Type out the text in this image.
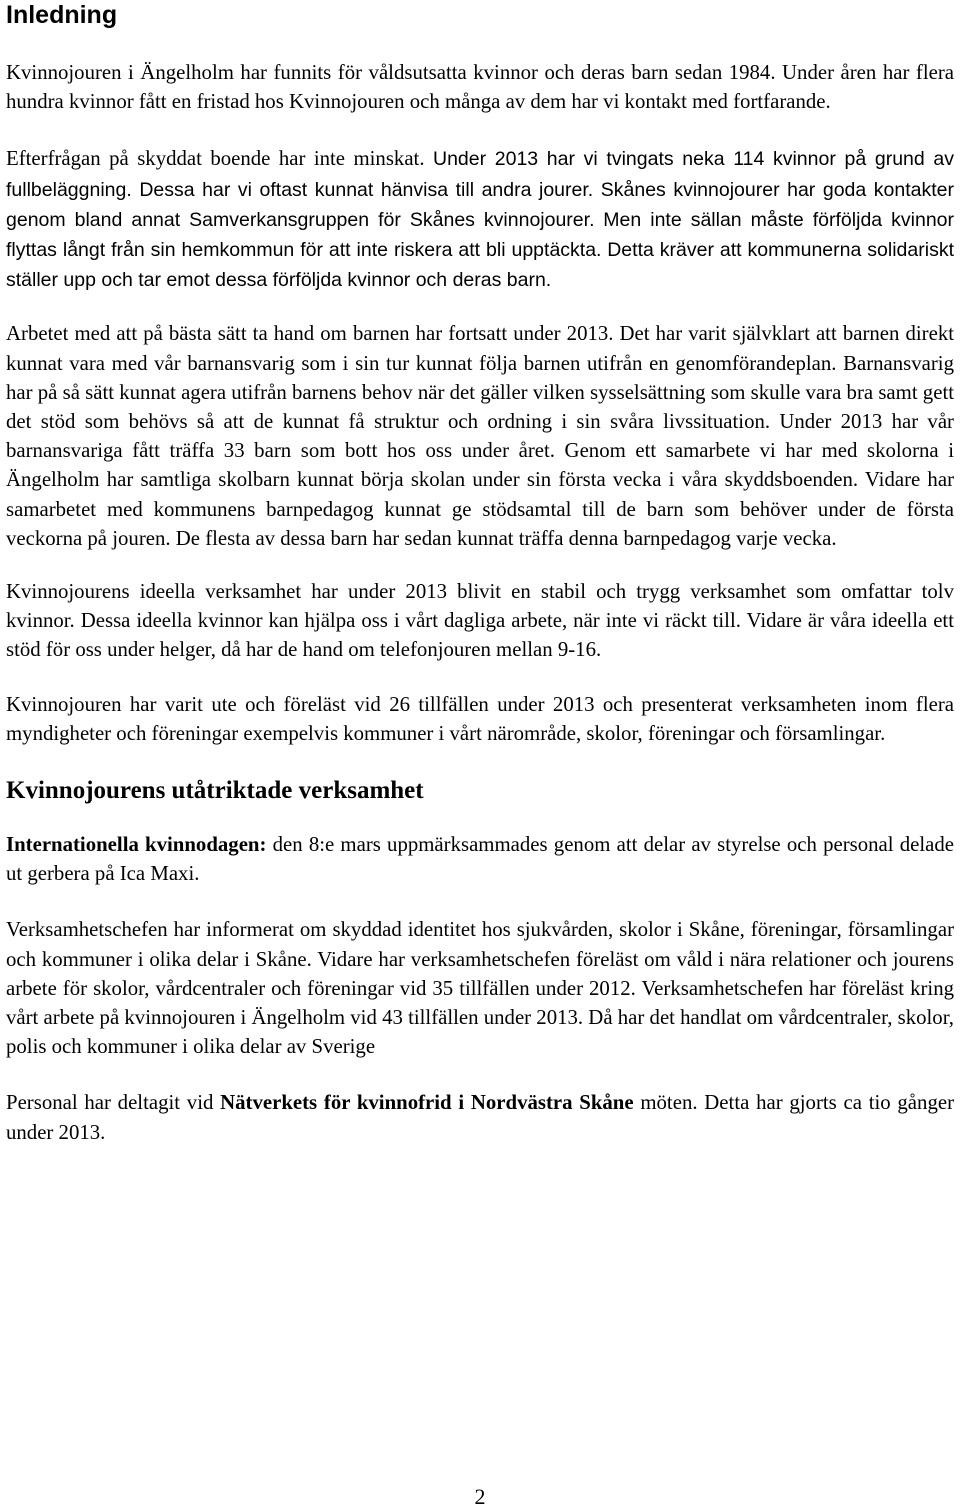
Inledning

Kvinnojouren i Ängelholm har funnits för våldsutsatta kvinnor och deras barn sedan 1984. Under åren har flera hundra kvinnor fått en fristad hos Kvinnojouren och många av dem har vi kontakt med fortfarande.

Efterfrågan på skyddat boende har inte minskat. Under 2013 har vi tvingats neka 114 kvinnor på grund av fullbeläggning. Dessa har vi oftast kunnat hänvisa till andra jourer. Skånes kvinnojourer har goda kontakter genom bland annat Samverkansgruppen för Skånes kvinnojourer. Men inte sällan måste förföljda kvinnor flyttas långt från sin hemkommun för att inte riskera att bli upptäckta. Detta kräver att kommunerna solidariskt ställer upp och tar emot dessa förföljda kvinnor och deras barn.

Arbetet med att på bästa sätt ta hand om barnen har fortsatt under 2013. Det har varit självklart att barnen direkt kunnat vara med vår barnansvarig som i sin tur kunnat följa barnen utifrån en genomförandeplan. Barnansvarig har på så sätt kunnat agera utifrån barnens behov när det gäller vilken sysselsättning som skulle vara bra samt gett det stöd som behövs så att de kunnat få struktur och ordning i sin svåra livssituation. Under 2013 har vår barnansvariga fått träffa 33 barn som bott hos oss under året. Genom ett samarbete vi har med skolorna i Ängelholm har samtliga skolbarn kunnat börja skolan under sin första vecka i våra skyddsboenden. Vidare har samarbetet med kommunens barnpedagog kunnat ge stödsamtal till de barn som behöver under de första veckorna på jouren. De flesta av dessa barn har sedan kunnat träffa denna barnpedagog varje vecka.

Kvinnojourens ideella verksamhet har under 2013 blivit en stabil och trygg verksamhet som omfattar tolv kvinnor. Dessa ideella kvinnor kan hjälpa oss i vårt dagliga arbete, när inte vi räckt till. Vidare är våra ideella ett stöd för oss under helger, då har de hand om telefonjouren mellan 9-16.

Kvinnojouren har varit ute och föreläst vid 26 tillfällen under 2013 och presenterat verksamheten inom flera myndigheter och föreningar exempelvis kommuner i vårt närområde, skolor, föreningar och församlingar.

Kvinnojourens utåtriktade verksamhet

Internationella kvinnodagen: den 8:e mars uppmärksammades genom att delar av styrelse och personal delade ut gerbera på Ica Maxi.

Verksamhetschefen har informerat om skyddad identitet hos sjukvården, skolor i Skåne, föreningar, församlingar och kommuner i olika delar i Skåne. Vidare har verksamhetschefen föreläst om våld i nära relationer och jourens arbete för skolor, vårdcentraler och föreningar vid 35 tillfällen under 2012. Verksamhetschefen har föreläst kring vårt arbete på kvinnojouren i Ängelholm vid 43 tillfällen under 2013. Då har det handlat om vårdcentraler, skolor, polis och kommuner i olika delar av Sverige

Personal har deltagit vid Nätverkets för kvinnofrid i Nordvästra Skåne möten. Detta har gjorts ca tio gånger under 2013.

2
